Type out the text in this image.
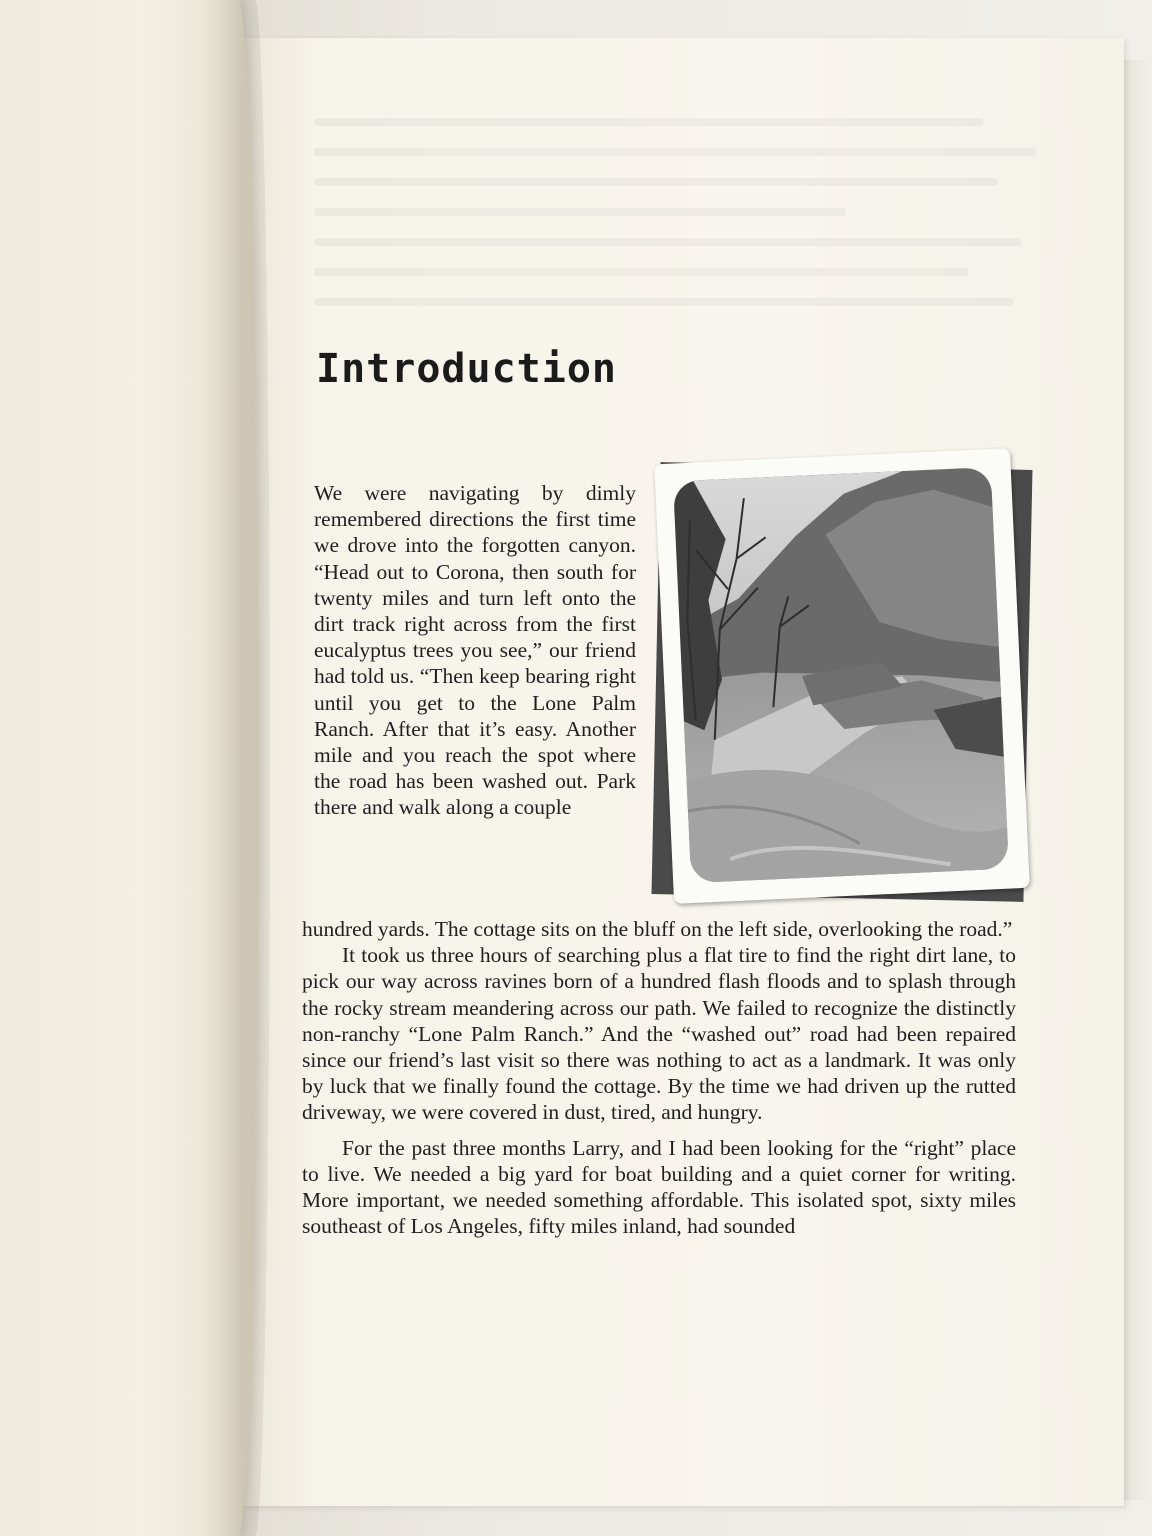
Introduction

We were navigating by dimly remembered directions the first time we drove into the forgotten canyon. “Head out to Corona, then south for twenty miles and turn left onto the dirt track right across from the first eucalyptus trees you see,” our friend had told us. “Then keep bearing right until you get to the Lone Palm Ranch. After that it’s easy. Another mile and you reach the spot where the road has been washed out. Park there and walk along a couple

hundred yards. The cottage sits on the bluff on the left side, overlooking the road.”

It took us three hours of searching plus a flat tire to find the right dirt lane, to pick our way across ravines born of a hundred flash floods and to splash through the rocky stream meandering across our path. We failed to recognize the distinctly non-ranchy “Lone Palm Ranch.” And the “washed out” road had been repaired since our friend’s last visit so there was nothing to act as a landmark. It was only by luck that we finally found the cottage. By the time we had driven up the rutted driveway, we were covered in dust, tired, and hungry.

For the past three months Larry, and I had been looking for the “right” place to live. We needed a big yard for boat building and a quiet corner for writing. More important, we needed something affordable. This isolated spot, sixty miles southeast of Los Angeles, fifty miles inland, had sounded
